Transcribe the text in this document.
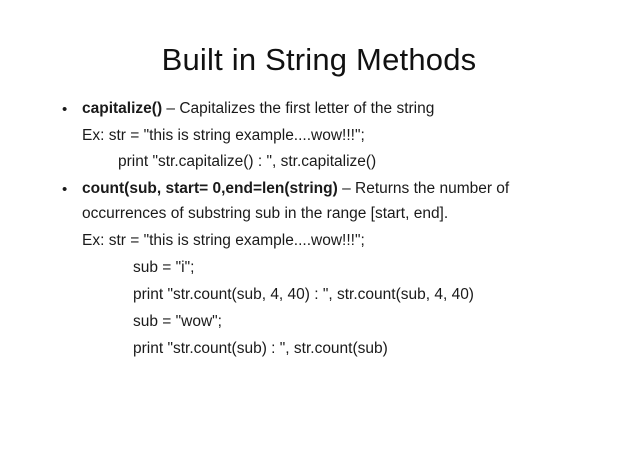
Built in String Methods
• capitalize() – Capitalizes the first letter of the string
Ex: str = "this is string example....wow!!!";
print "str.capitalize() : ", str.capitalize()
• count(sub, start= 0,end=len(string) – Returns the number of
occurrences of substring sub in the range [start, end].
Ex: str = "this is string example....wow!!!";
sub = "i";
print "str.count(sub, 4, 40) : ", str.count(sub, 4, 40)
sub = "wow";
print "str.count(sub) : ", str.count(sub)
